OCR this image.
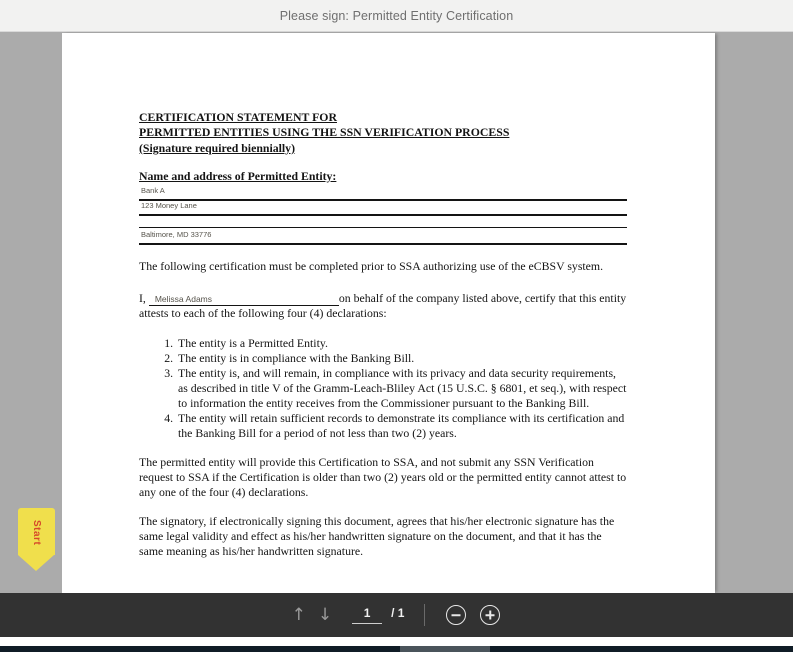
Please sign: Permitted Entity Certification
CERTIFICATION STATEMENT FOR
PERMITTED ENTITIES USING THE SSN VERIFICATION PROCESS
(Signature required biennially)
Name and address of Permitted Entity:
Bank A
123 Money Lane
Baltimore, MD 33776
The following certification must be completed prior to SSA authorizing use of the eCBSV system.
I, Melissa Adams	on behalf of the company listed above, certify that this entity attests to each of the following four (4) declarations:
1. The entity is a Permitted Entity.
2. The entity is in compliance with the Banking Bill.
3. The entity is, and will remain, in compliance with its privacy and data security requirements, as described in title V of the Gramm-Leach-Bliley Act (15 U.S.C. § 6801, et seq.), with respect to information the entity receives from the Commissioner pursuant to the Banking Bill.
4. The entity will retain sufficient records to demonstrate its compliance with its certification and the Banking Bill for a period of not less than two (2) years.
The permitted entity will provide this Certification to SSA, and not submit any SSN Verification request to SSA if the Certification is older than two (2) years old or the permitted entity cannot attest to any one of the four (4) declarations.
The signatory, if electronically signing this document, agrees that his/her electronic signature has the same legal validity and effect as his/her handwritten signature on the document, and that it has the same meaning as his/her handwritten signature.
Start
↑ ↓
1	/ 1
